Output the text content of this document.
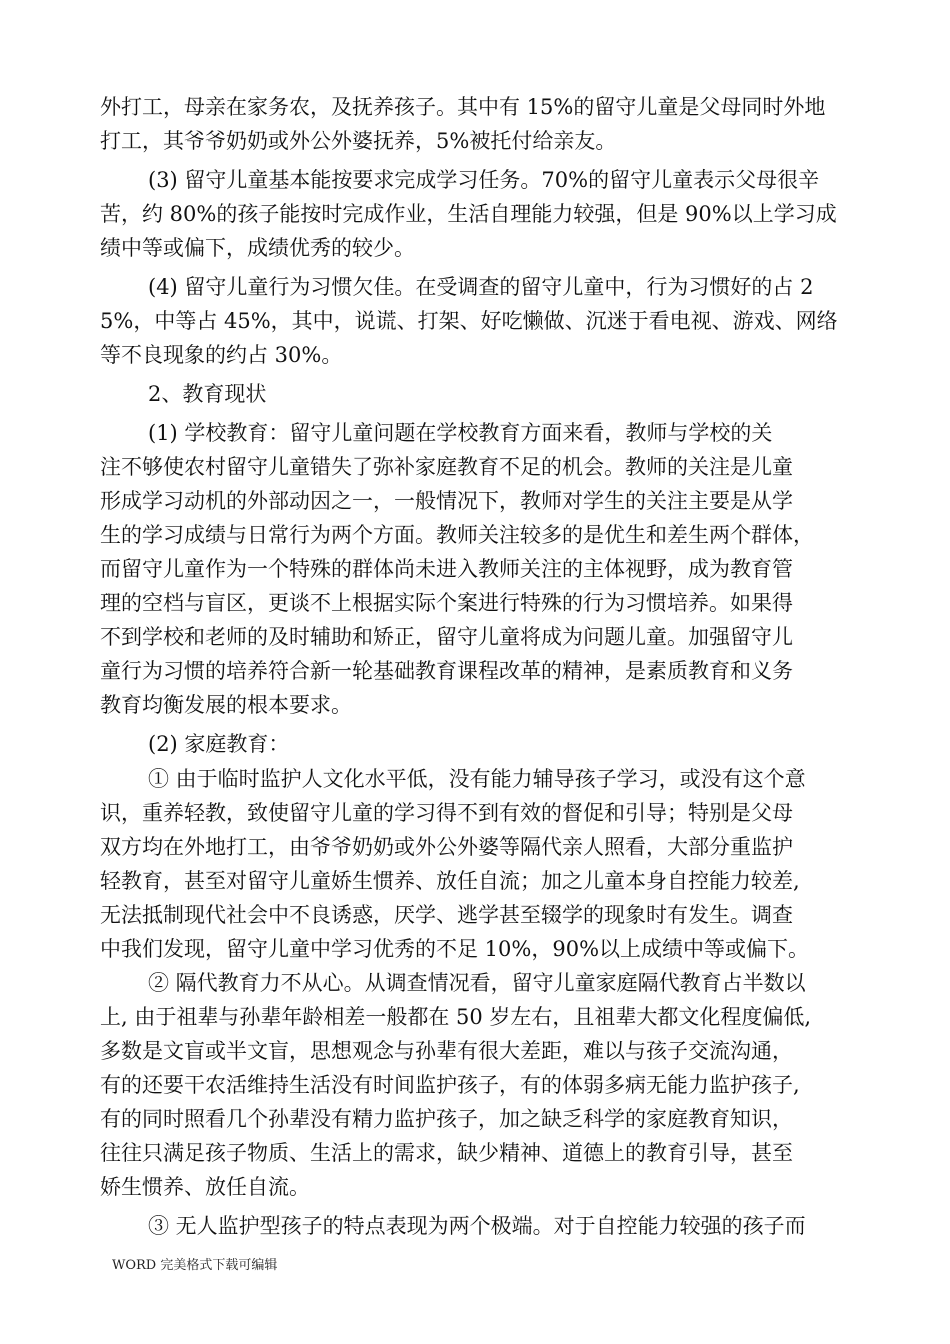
外打工，母亲在家务农，及抚养孩子。其中有 15%的留守儿童是父母同时外地
打工，其爷爷奶奶或外公外婆抚养，5%被托付给亲友。
(3) 留守儿童基本能按要求完成学习任务。70%的留守儿童表示父母很辛
苦，约 80%的孩子能按时完成作业，生活自理能力较强，但是 90%以上学习成
绩中等或偏下，成绩优秀的较少。
(4) 留守儿童行为习惯欠佳。在受调查的留守儿童中，行为习惯好的占 2
5%，中等占 45%，其中，说谎、打架、好吃懒做、沉迷于看电视、游戏、网络
等不良现象的约占 30%。
2、教育现状
(1) 学校教育：留守儿童问题在学校教育方面来看，教师与学校的关
注不够使农村留守儿童错失了弥补家庭教育不足的机会。教师的关注是儿童
形成学习动机的外部动因之一，一般情况下，教师对学生的关注主要是从学
生的学习成绩与日常行为两个方面。教师关注较多的是优生和差生两个群体，
而留守儿童作为一个特殊的群体尚未进入教师关注的主体视野，成为教育管
理的空档与盲区，更谈不上根据实际个案进行特殊的行为习惯培养。如果得
不到学校和老师的及时辅助和矫正，留守儿童将成为问题儿童。加强留守儿
童行为习惯的培养符合新一轮基础教育课程改革的精神，是素质教育和义务
教育均衡发展的根本要求。
(2) 家庭教育：
① 由于临时监护人文化水平低，没有能力辅导孩子学习，或没有这个意
识，重养轻教，致使留守儿童的学习得不到有效的督促和引导；特别是父母
双方均在外地打工，由爷爷奶奶或外公外婆等隔代亲人照看，大部分重监护
轻教育，甚至对留守儿童娇生惯养、放任自流；加之儿童本身自控能力较差,
无法抵制现代社会中不良诱惑，厌学、逃学甚至辍学的现象时有发生。调查
中我们发现，留守儿童中学习优秀的不足 10%，90%以上成绩中等或偏下。
② 隔代教育力不从心。从调查情况看，留守儿童家庭隔代教育占半数以
上, 由于祖辈与孙辈年龄相差一般都在 50 岁左右，且祖辈大都文化程度偏低,
多数是文盲或半文盲，思想观念与孙辈有很大差距，难以与孩子交流沟通，
有的还要干农活维持生活没有时间监护孩子，有的体弱多病无能力监护孩子,
有的同时照看几个孙辈没有精力监护孩子，加之缺乏科学的家庭教育知识，
往往只满足孩子物质、生活上的需求，缺少精神、道德上的教育引导，甚至
娇生惯养、放任自流。
③ 无人监护型孩子的特点表现为两个极端。对于自控能力较强的孩子而
WORD 完美格式下载可编辑
